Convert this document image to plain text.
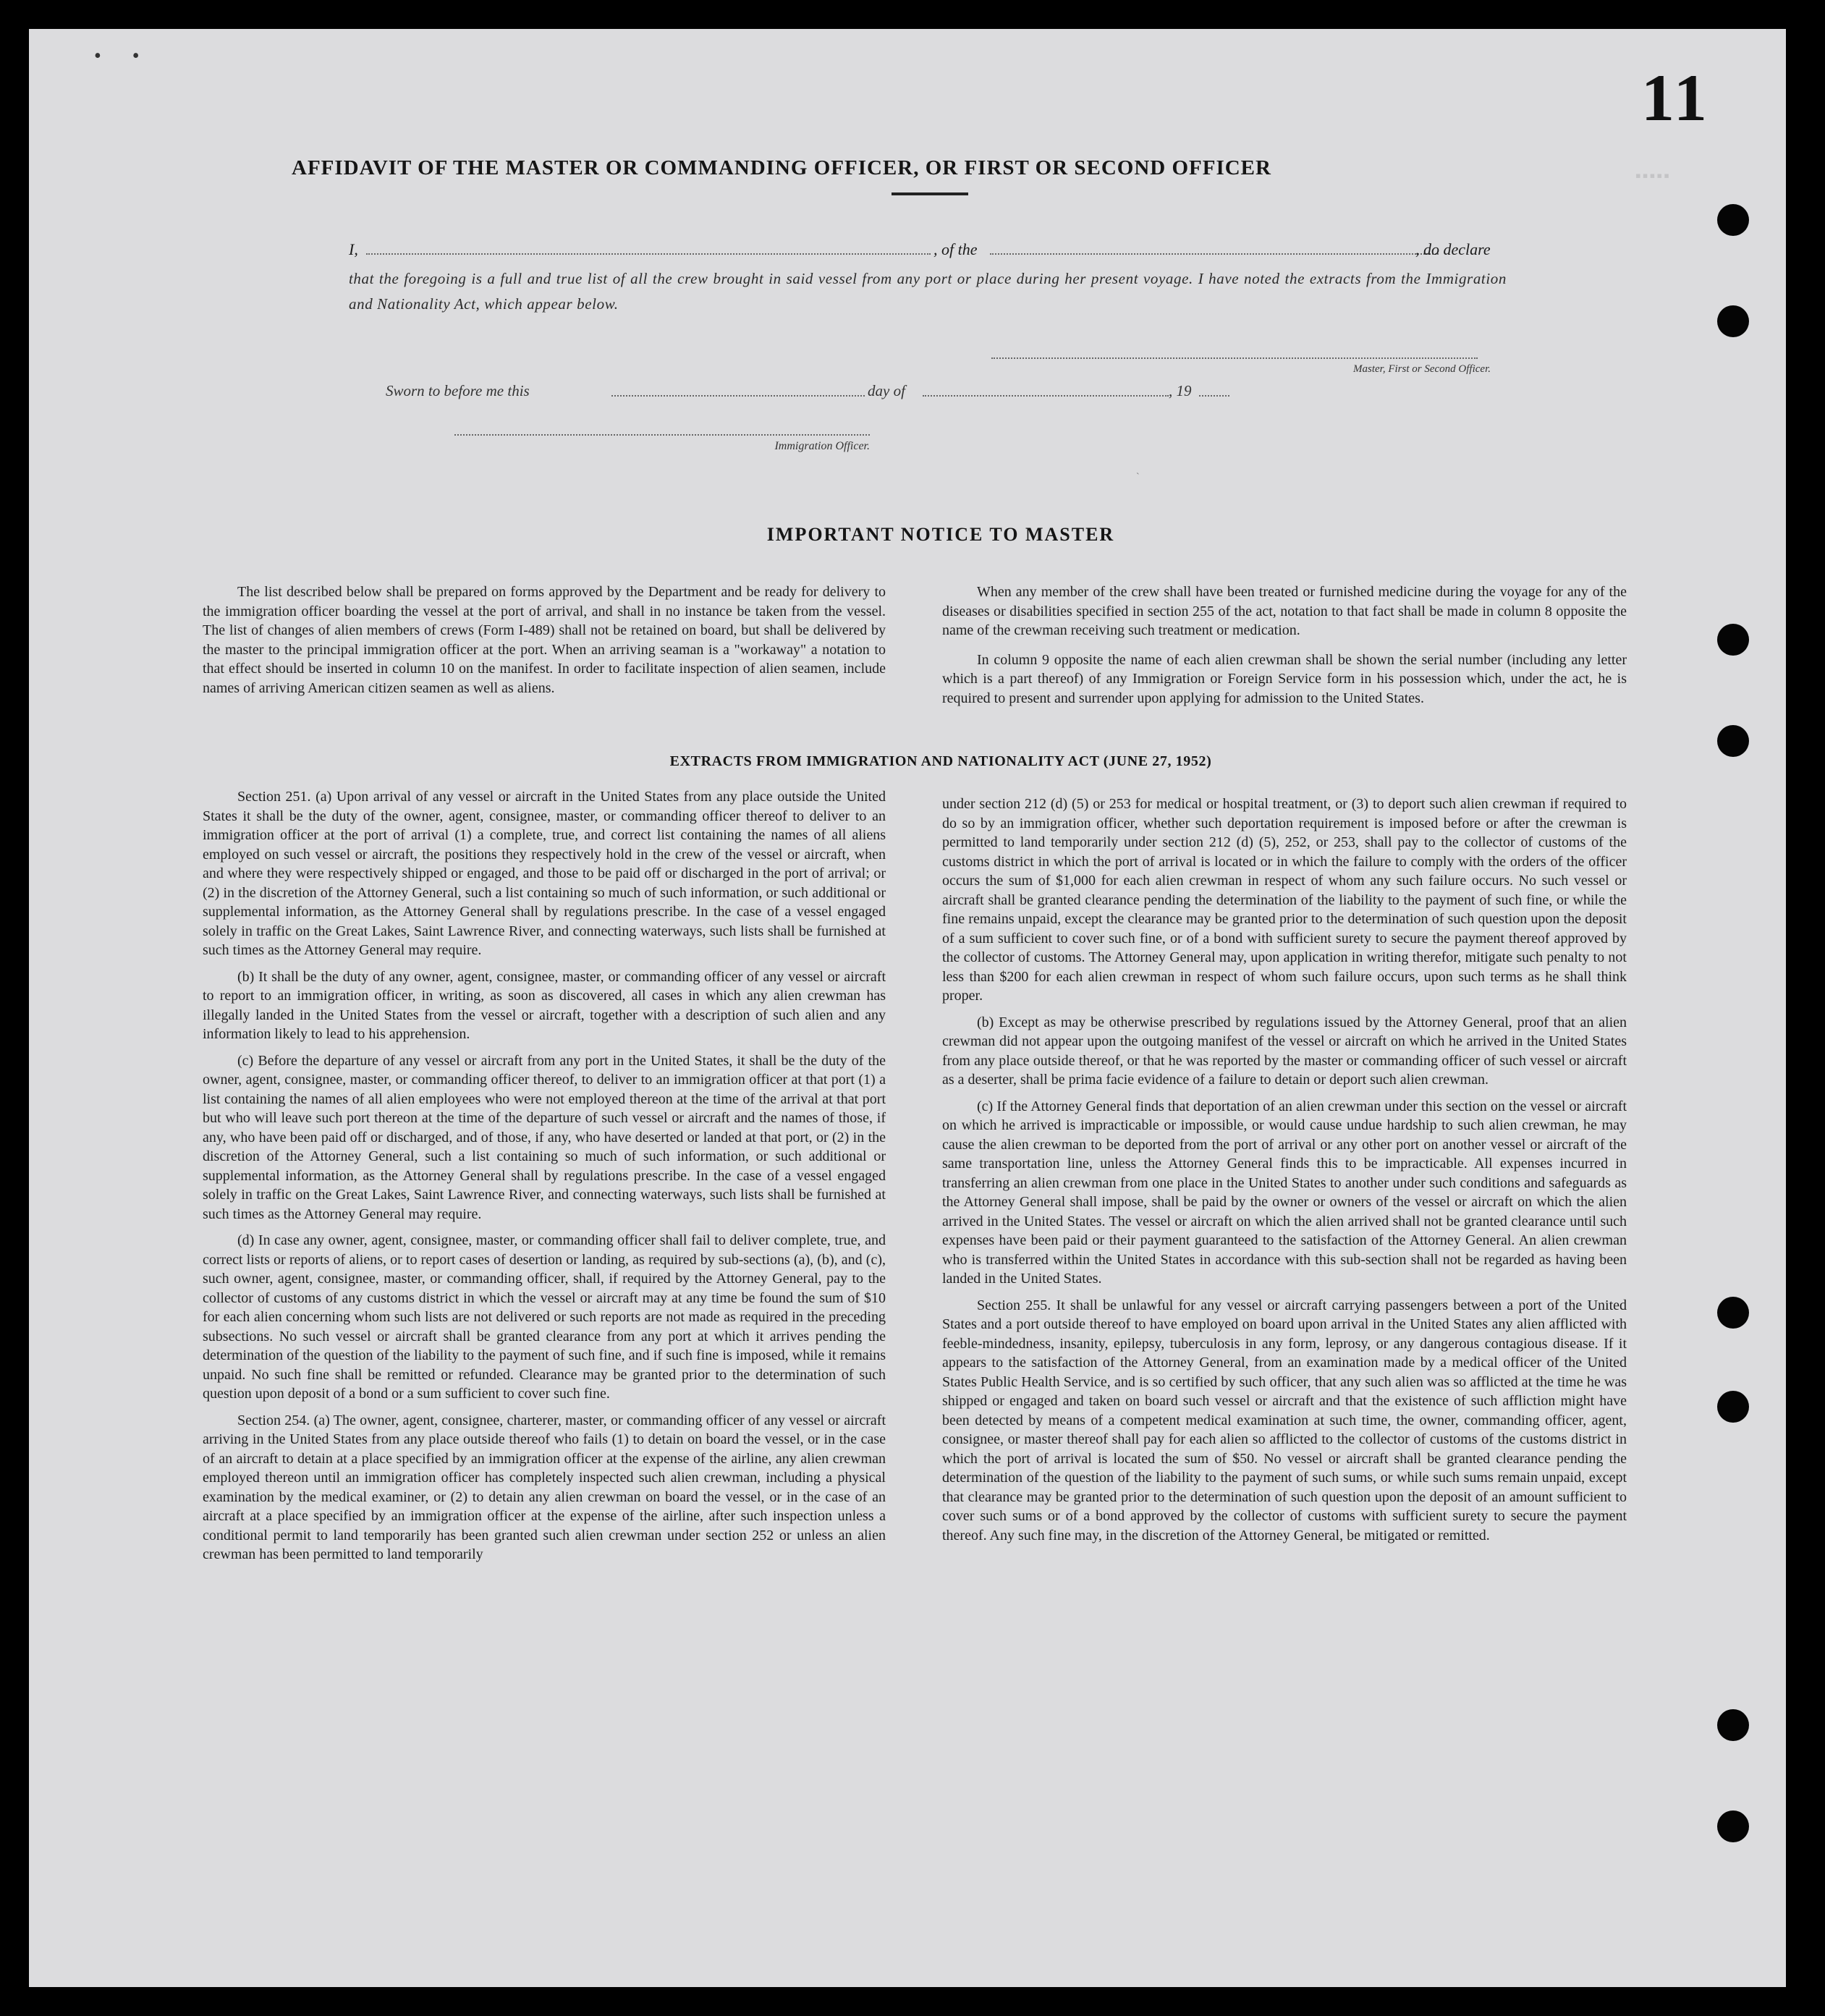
• •
11
▪▪▪▪▪
AFFIDAVIT OF THE MASTER OR COMMANDING OFFICER, OR FIRST OR SECOND OFFICER
I,	, of the	, do declare
that the foregoing is a full and true list of all the crew brought in said vessel from any port or place during her present voyage. I have noted the extracts from the Immigration and Nationality Act, which appear below.
Master, First or Second Officer.
Sworn to before me this	day of	, 19
Immigration Officer.
ˋ
IMPORTANT NOTICE TO MASTER

The list described below shall be prepared on forms approved by the Department and be ready for delivery to the immigration officer boarding the vessel at the port of arrival, and shall in no instance be taken from the vessel. The list of changes of alien members of crews (Form I-489) shall not be retained on board, but shall be delivered by the master to the principal immigration officer at the port. When an arriving seaman is a "workaway" a notation to that effect should be inserted in column 10 on the manifest. In order to facilitate inspection of alien seamen, include names of arriving American citizen seamen as well as aliens.

When any member of the crew shall have been treated or furnished medicine during the voyage for any of the diseases or disabilities specified in section 255 of the act, notation to that fact shall be made in column 8 opposite the name of the crewman receiving such treatment or medication.

In column 9 opposite the name of each alien crewman shall be shown the serial number (including any letter which is a part thereof) of any Immigration or Foreign Service form in his possession which, under the act, he is required to present and surrender upon applying for admission to the United States.

EXTRACTS FROM IMMIGRATION AND NATIONALITY ACT (JUNE 27, 1952)

Section 251. (a) Upon arrival of any vessel or aircraft in the United States from any place outside the United States it shall be the duty of the owner, agent, consignee, master, or commanding officer thereof to deliver to an immigration officer at the port of arrival (1) a complete, true, and correct list containing the names of all aliens employed on such vessel or aircraft, the positions they respectively hold in the crew of the vessel or aircraft, when and where they were respectively shipped or engaged, and those to be paid off or discharged in the port of arrival; or (2) in the discretion of the Attorney General, such a list containing so much of such information, or such additional or supplemental information, as the Attorney General shall by regulations prescribe. In the case of a vessel engaged solely in traffic on the Great Lakes, Saint Lawrence River, and connecting waterways, such lists shall be furnished at such times as the Attorney General may require.

(b) It shall be the duty of any owner, agent, consignee, master, or commanding officer of any vessel or aircraft to report to an immigration officer, in writing, as soon as discovered, all cases in which any alien crewman has illegally landed in the United States from the vessel or aircraft, together with a description of such alien and any information likely to lead to his apprehension.

(c) Before the departure of any vessel or aircraft from any port in the United States, it shall be the duty of the owner, agent, consignee, master, or commanding officer thereof, to deliver to an immigration officer at that port (1) a list containing the names of all alien employees who were not employed thereon at the time of the arrival at that port but who will leave such port thereon at the time of the departure of such vessel or aircraft and the names of those, if any, who have been paid off or discharged, and of those, if any, who have deserted or landed at that port, or (2) in the discretion of the Attorney General, such a list containing so much of such information, or such additional or supplemental information, as the Attorney General shall by regulations prescribe. In the case of a vessel engaged solely in traffic on the Great Lakes, Saint Lawrence River, and connecting waterways, such lists shall be furnished at such times as the Attorney General may require.

(d) In case any owner, agent, consignee, master, or commanding officer shall fail to deliver complete, true, and correct lists or reports of aliens, or to report cases of desertion or landing, as required by sub-sections (a), (b), and (c), such owner, agent, consignee, master, or commanding officer, shall, if required by the Attorney General, pay to the collector of customs of any customs district in which the vessel or aircraft may at any time be found the sum of $10 for each alien concerning whom such lists are not delivered or such reports are not made as required in the preceding subsections. No such vessel or aircraft shall be granted clearance from any port at which it arrives pending the determination of the question of the liability to the payment of such fine, and if such fine is imposed, while it remains unpaid. No such fine shall be remitted or refunded. Clearance may be granted prior to the determination of such question upon deposit of a bond or a sum sufficient to cover such fine.

Section 254. (a) The owner, agent, consignee, charterer, master, or commanding officer of any vessel or aircraft arriving in the United States from any place outside thereof who fails (1) to detain on board the vessel, or in the case of an aircraft to detain at a place specified by an immigration officer at the expense of the airline, any alien crewman employed thereon until an immigration officer has completely inspected such alien crewman, including a physical examination by the medical examiner, or (2) to detain any alien crewman on board the vessel, or in the case of an aircraft at a place specified by an immigration officer at the expense of the airline, after such inspection unless a conditional permit to land temporarily has been granted such alien crewman under section 252 or unless an alien crewman has been permitted to land temporarily

under section 212 (d) (5) or 253 for medical or hospital treatment, or (3) to deport such alien crewman if required to do so by an immigration officer, whether such deportation requirement is imposed before or after the crewman is permitted to land temporarily under section 212 (d) (5), 252, or 253, shall pay to the collector of customs of the customs district in which the port of arrival is located or in which the failure to comply with the orders of the officer occurs the sum of $1,000 for each alien crewman in respect of whom any such failure occurs. No such vessel or aircraft shall be granted clearance pending the determination of the liability to the payment of such fine, or while the fine remains unpaid, except the clearance may be granted prior to the determination of such question upon the deposit of a sum sufficient to cover such fine, or of a bond with sufficient surety to secure the payment thereof approved by the collector of customs. The Attorney General may, upon application in writing therefor, mitigate such penalty to not less than $200 for each alien crewman in respect of whom such failure occurs, upon such terms as he shall think proper.

(b) Except as may be otherwise prescribed by regulations issued by the Attorney General, proof that an alien crewman did not appear upon the outgoing manifest of the vessel or aircraft on which he arrived in the United States from any place outside thereof, or that he was reported by the master or commanding officer of such vessel or aircraft as a deserter, shall be prima facie evidence of a failure to detain or deport such alien crewman.

(c) If the Attorney General finds that deportation of an alien crewman under this section on the vessel or aircraft on which he arrived is impracticable or impossible, or would cause undue hardship to such alien crewman, he may cause the alien crewman to be deported from the port of arrival or any other port on another vessel or aircraft of the same transportation line, unless the Attorney General finds this to be impracticable. All expenses incurred in transferring an alien crewman from one place in the United States to another under such conditions and safeguards as the Attorney General shall impose, shall be paid by the owner or owners of the vessel or aircraft on which the alien arrived in the United States. The vessel or aircraft on which the alien arrived shall not be granted clearance until such expenses have been paid or their payment guaranteed to the satisfaction of the Attorney General. An alien crewman who is transferred within the United States in accordance with this sub-section shall not be regarded as having been landed in the United States.

Section 255. It shall be unlawful for any vessel or aircraft carrying passengers between a port of the United States and a port outside thereof to have employed on board upon arrival in the United States any alien afflicted with feeble-mindedness, insanity, epilepsy, tuberculosis in any form, leprosy, or any dangerous contagious disease. If it appears to the satisfaction of the Attorney General, from an examination made by a medical officer of the United States Public Health Service, and is so certified by such officer, that any such alien was so afflicted at the time he was shipped or engaged and taken on board such vessel or aircraft and that the existence of such affliction might have been detected by means of a competent medical examination at such time, the owner, commanding officer, agent, consignee, or master thereof shall pay for each alien so afflicted to the collector of customs of the customs district in which the port of arrival is located the sum of $50. No vessel or aircraft shall be granted clearance pending the determination of the question of the liability to the payment of such sums, or while such sums remain unpaid, except that clearance may be granted prior to the determination of such question upon the deposit of an amount sufficient to cover such sums or of a bond approved by the collector of customs with sufficient surety to secure the payment thereof. Any such fine may, in the discretion of the Attorney General, be mitigated or remitted.
